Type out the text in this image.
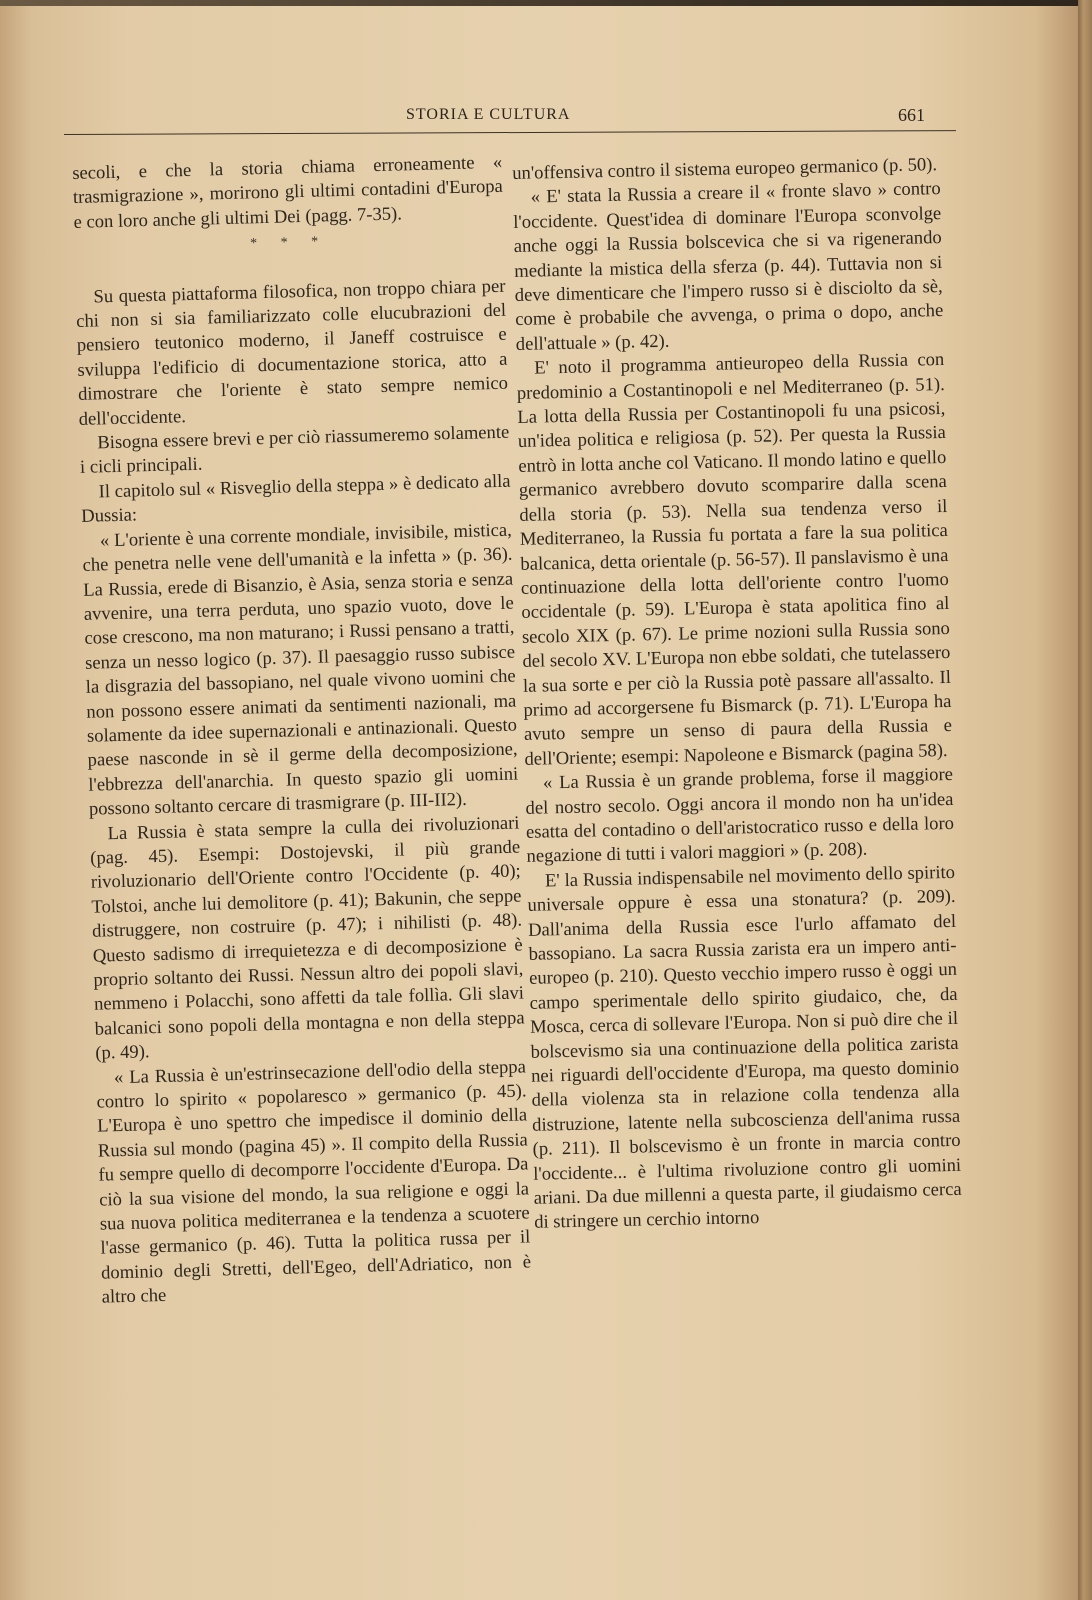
STORIA E CULTURA	661

secoli, e che la storia chiama erroneamente « trasmigrazione », morirono gli ultimi contadini d'Europa e con loro anche gli ultimi Dei (pagg. 7-35).

* * *

Su questa piattaforma filosofica, non troppo chiara per chi non si sia familiarizzato colle elucubrazioni del pensiero teutonico moderno, il Janeff costruisce e sviluppa l'edificio di documentazione storica, atto a dimostrare che l'oriente è stato sempre nemico dell'occidente.

Bisogna essere brevi e per ciò riassumeremo solamente i cicli principali.

Il capitolo sul « Risveglio della steppa » è dedicato alla Dussia:

« L'oriente è una corrente mondiale, invisibile, mistica, che penetra nelle vene dell'umanità e la infetta » (p. 36). La Russia, erede di Bisanzio, è Asia, senza storia e senza avvenire, una terra perduta, uno spazio vuoto, dove le cose crescono, ma non maturano; i Russi pensano a tratti, senza un nesso logico (p. 37). Il paesaggio russo subisce la disgrazia del bassopiano, nel quale vivono uomini che non possono essere animati da sentimenti nazionali, ma solamente da idee supernazionali e antinazionali. Questo paese nasconde in sè il germe della decomposizione, l'ebbrezza dell'anarchia. In questo spazio gli uomini possono soltanto cercare di trasmigrare (p. III-II2).

La Russia è stata sempre la culla dei rivoluzionari (pag. 45). Esempi: Dostojevski, il più grande rivoluzionario dell'Oriente contro l'Occidente (p. 40); Tolstoi, anche lui demolitore (p. 41); Bakunin, che seppe distruggere, non costruire (p. 47); i nihilisti (p. 48). Questo sadismo di irrequietezza e di decomposizione è proprio soltanto dei Russi. Nessun altro dei popoli slavi, nemmeno i Polacchi, sono affetti da tale follìa. Gli slavi balcanici sono popoli della montagna e non della steppa (p. 49).

« La Russia è un'estrinsecazione dell'odio della steppa contro lo spirito « popolaresco » germanico (p. 45). L'Europa è uno spettro che impedisce il dominio della Russia sul mondo (pagina 45) ». Il compito della Russia fu sempre quello di decomporre l'occidente d'Europa. Da ciò la sua visione del mondo, la sua religione e oggi la sua nuova politica mediterranea e la tendenza a scuotere l'asse germanico (p. 46). Tutta la politica russa per il dominio degli Stretti, dell'Egeo, dell'Adriatico, non è altro che

un'offensiva contro il sistema europeo germanico (p. 50).

« E' stata la Russia a creare il « fronte slavo » contro l'occidente. Quest'idea di dominare l'Europa sconvolge anche oggi la Russia bolscevica che si va rigenerando mediante la mistica della sferza (p. 44). Tuttavia non si deve dimenticare che l'impero russo si è disciolto da sè, come è probabile che avvenga, o prima o dopo, anche dell'attuale » (p. 42).

E' noto il programma antieuropeo della Russia con predominio a Costantinopoli e nel Mediterraneo (p. 51). La lotta della Russia per Costantinopoli fu una psicosi, un'idea politica e religiosa (p. 52). Per questa la Russia entrò in lotta anche col Vaticano. Il mondo latino e quello germanico avrebbero dovuto scomparire dalla scena della storia (p. 53). Nella sua tendenza verso il Mediterraneo, la Russia fu portata a fare la sua politica balcanica, detta orientale (p. 56-57). Il panslavismo è una continuazione della lotta dell'oriente contro l'uomo occidentale (p. 59). L'Europa è stata apolitica fino al secolo XIX (p. 67). Le prime nozioni sulla Russia sono del secolo XV. L'Europa non ebbe soldati, che tutelassero la sua sorte e per ciò la Russia potè passare all'assalto. Il primo ad accorgersene fu Bismarck (p. 71). L'Europa ha avuto sempre un senso di paura della Russia e dell'Oriente; esempi: Napoleone e Bismarck (pagina 58).

« La Russia è un grande problema, forse il maggiore del nostro secolo. Oggi ancora il mondo non ha un'idea esatta del contadino o dell'aristocratico russo e della loro negazione di tutti i valori maggiori » (p. 208).

E' la Russia indispensabile nel movimento dello spirito universale oppure è essa una stonatura? (p. 209). Dall'anima della Russia esce l'urlo affamato del bassopiano. La sacra Russia zarista era un impero anti-europeo (p. 210). Questo vecchio impero russo è oggi un campo sperimentale dello spirito giudaico, che, da Mosca, cerca di sollevare l'Europa. Non si può dire che il bolscevismo sia una continuazione della politica zarista nei riguardi dell'occidente d'Europa, ma questo dominio della violenza sta in relazione colla tendenza alla distruzione, latente nella subcoscienza dell'anima russa (p. 211). Il bolscevismo è un fronte in marcia contro l'occidente... è l'ultima rivoluzione contro gli uomini ariani. Da due millenni a questa parte, il giudaismo cerca di stringere un cerchio intorno
